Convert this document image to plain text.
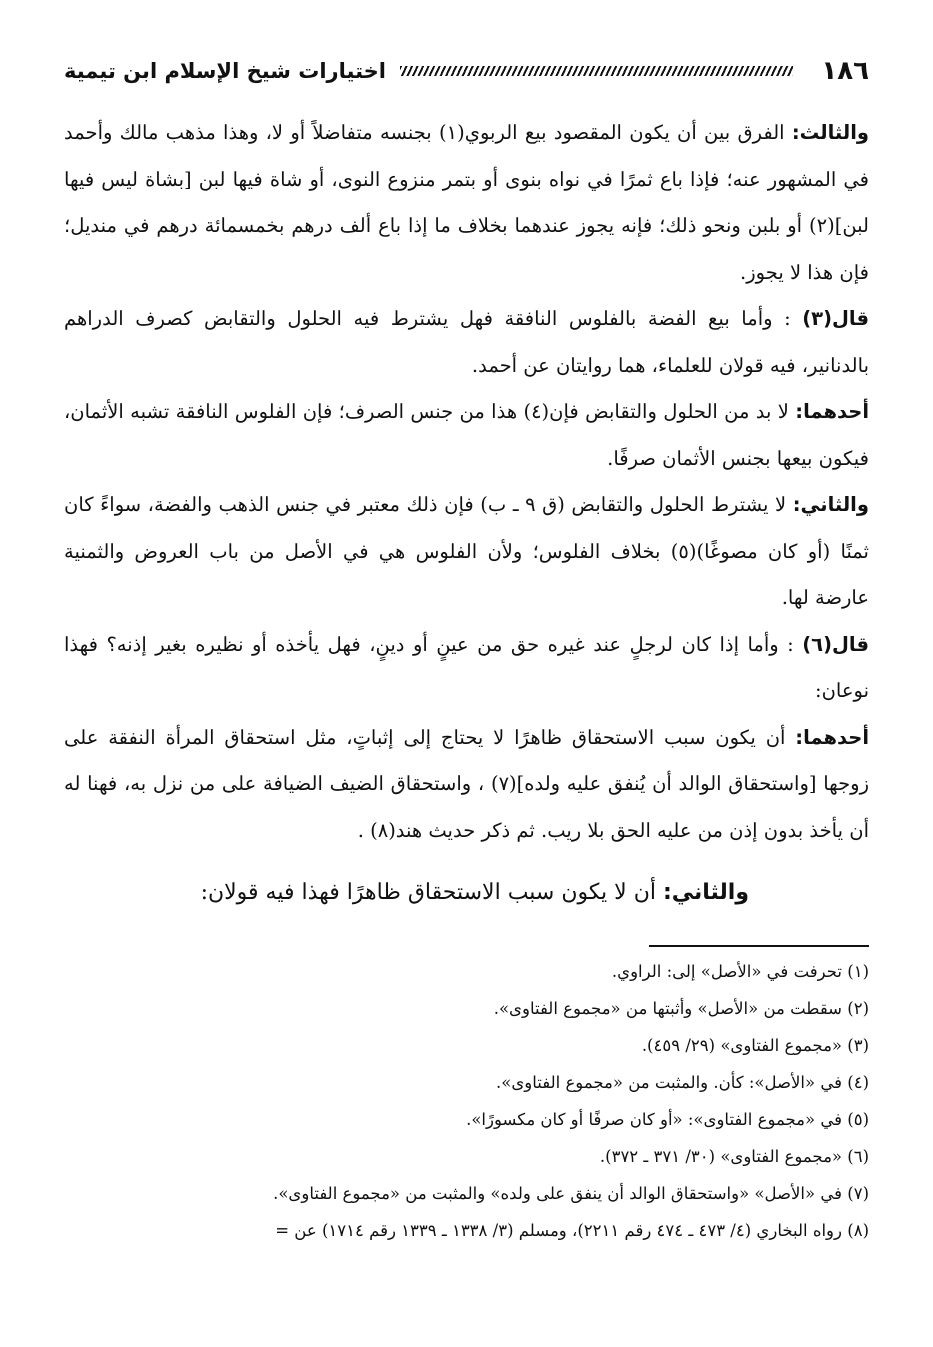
١٨٦
اختيارات شيخ الإسلام ابن تيمية

والثالث: الفرق بين أن يكون المقصود بيع الربوي(١) بجنسه متفاضلاً أو لا، وهذا مذهب مالك وأحمد في المشهور عنه؛ فإذا باع ثمرًا في نواه بنوى أو بتمر منزوع النوى، أو شاة فيها لبن [بشاة ليس فيها لبن](٢) أو بلبن ونحو ذلك؛ فإنه يجوز عندهما بخلاف ما إذا باع ألف درهم بخمسمائة درهم في منديل؛ فإن هذا لا يجوز.

قال(٣) : وأما بيع الفضة بالفلوس النافقة فهل يشترط فيه الحلول والتقابض كصرف الدراهم بالدنانير، فيه قولان للعلماء، هما روايتان عن أحمد.

أحدهما: لا بد من الحلول والتقابض فإن(٤) هذا من جنس الصرف؛ فإن الفلوس النافقة تشبه الأثمان، فيكون بيعها بجنس الأثمان صرفًا.

والثاني: لا يشترط الحلول والتقابض (ق ٩ ـ ب) فإن ذلك معتبر في جنس الذهب والفضة، سواءً كان ثمنًا (أو كان مصوغًا)(٥) بخلاف الفلوس؛ ولأن الفلوس هي في الأصل من باب العروض والثمنية عارضة لها.

قال(٦) : وأما إذا كان لرجلٍ عند غيره حق من عينٍ أو دينٍ، فهل يأخذه أو نظيره بغير إذنه؟ فهذا نوعان:

أحدهما: أن يكون سبب الاستحقاق ظاهرًا لا يحتاج إلى إثباتٍ، مثل استحقاق المرأة النفقة على زوجها [واستحقاق الوالد أن يُنفق عليه ولده](٧) ، واستحقاق الضيف الضيافة على من نزل به، فهنا له أن يأخذ بدون إذن من عليه الحق بلا ريب. ثم ذكر حديث هند(٨) .

والثاني: أن لا يكون سبب الاستحقاق ظاهرًا فهذا فيه قولان:

(١) تحرفت في «الأصل» إلى: الراوي.
(٢) سقطت من «الأصل» وأثبتها من «مجموع الفتاوى».
(٣) «مجموع الفتاوى» (٢٩/ ٤٥٩).
(٤) في «الأصل»: كأن. والمثبت من «مجموع الفتاوى».
(٥) في «مجموع الفتاوى»: «أو كان صرفًا أو كان مكسورًا».
(٦) «مجموع الفتاوى» (٣٠/ ٣٧١ ـ ٣٧٢).
(٧) في «الأصل» «واستحقاق الوالد أن ينفق على ولده» والمثبت من «مجموع الفتاوى».
(٨) رواه البخاري (٤/ ٤٧٣ ـ ٤٧٤ رقم ٢٢١١)، ومسلم (٣/ ١٣٣٨ ـ ١٣٣٩ رقم ١٧١٤) عن =
